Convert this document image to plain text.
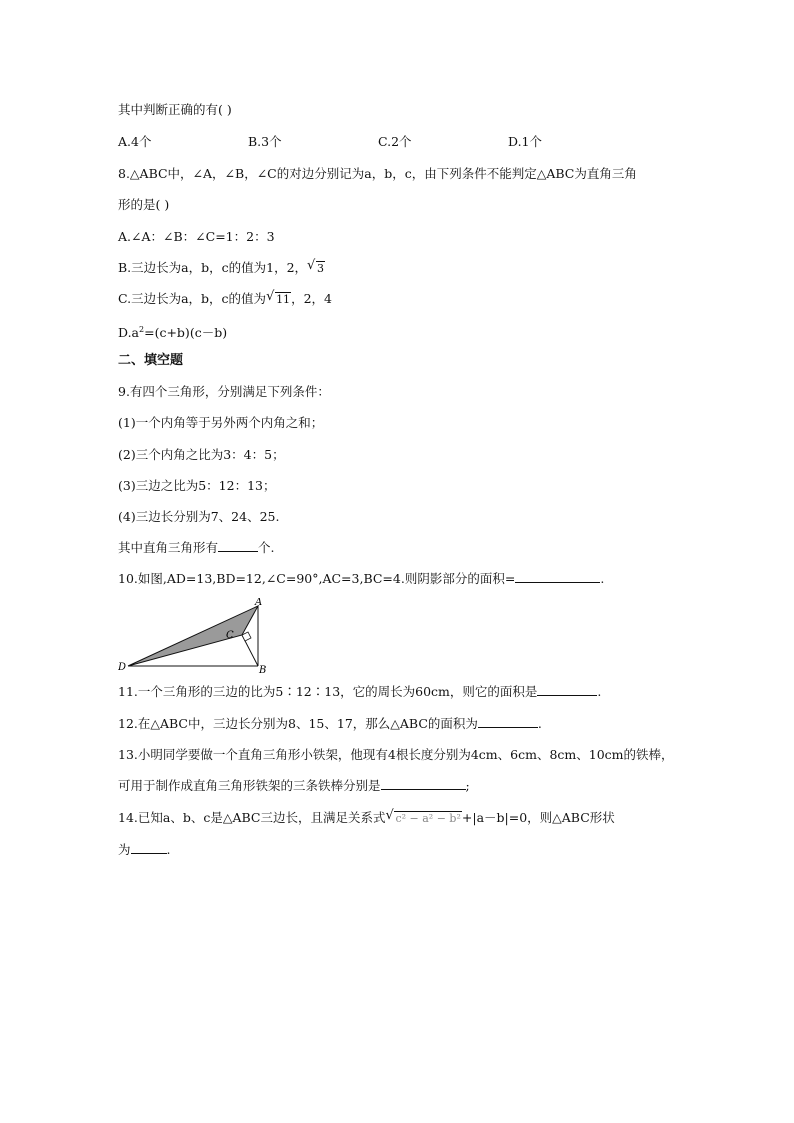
其中判断正确的有( )
A.4个	B.3个	C.2个	D.1个
8.△ABC中，∠A，∠B，∠C的对边分别记为a，b，c，由下列条件不能判定△ABC为直角三角
形的是( )
A.∠A：∠B：∠C=1：2：3
B.三边长为a，b，c的值为1，2， √ 3
C.三边长为a，b，c的值为 √ 11，2，4
$D.a^2=(c+b)(c-b)$
二、填空题
9.有四个三角形，分别满足下列条件：
(1)一个内角等于另外两个内角之和；
(2)三个内角之比为3：4：5；
(3)三边之比为5：12：13；
(4)三边长分别为7、24、25.
其中直角三角形有	个.
10.如图,AD=13,BD=12,∠C=90°,AC=3,BC=4.则阴影部分的面积=	.
A
B
C
D
11.一个三角形的三边的比为5∶12∶13，它的周长为60cm，则它的面积是	.
12.在△ABC中，三边长分别为8、15、17，那么△ABC的面积为	.
13.小明同学要做一个直角三角形小铁架，他现有4根长度分别为4cm、6cm、8cm、10cm的铁棒，
可用于制作成直角三角形铁架的三条铁棒分别是	;
14.已知a、b、c是△ABC三边长，且满足关系式 √ c² − a² − b²+|a－b|=0，则△ABC形状
为	.
